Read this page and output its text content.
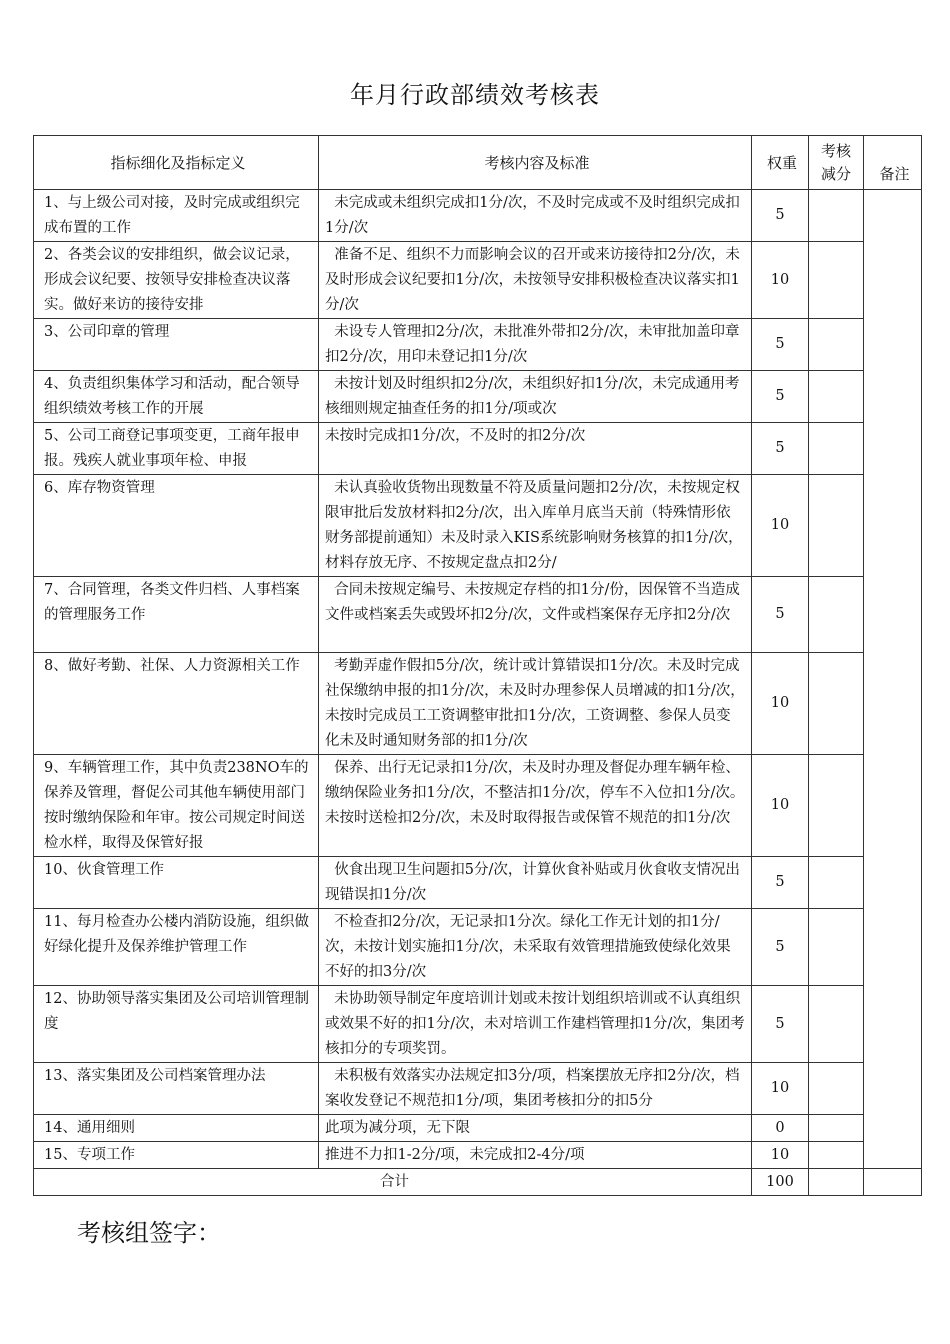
年月行政部绩效考核表
指标细化及指标定义	考核内容及标准	权重	考核减分	备注
1、与上级公司对接，及时完成或组织完成布置的工作	未完成或未组织完成扣1分/次，不及时完成或不及时组织完成扣1分/次	5		
2、各类会议的安排组织，做会议记录，形成会议纪要、按领导安排检查决议落实。做好来访的接待安排	准备不足、组织不力而影响会议的召开或来访接待扣2分/次，未及时形成会议纪要扣1分/次，未按领导安排积极检查决议落实扣1分/次	10		
3、公司印章的管理	未设专人管理扣2分/次，未批准外带扣2分/次，未审批加盖印章扣2分/次，用印未登记扣1分/次	5		
4、负责组织集体学习和活动，配合领导组织绩效考核工作的开展	未按计划及时组织扣2分/次，未组织好扣1分/次，未完成通用考核细则规定抽查任务的扣1分/项或次	5		
5、公司工商登记事项变更，工商年报申报。残疾人就业事项年检、申报	未按时完成扣1分/次，不及时的扣2分/次	5		
6、库存物资管理	未认真验收货物出现数量不符及质量问题扣2分/次，未按规定权限审批后发放材料扣2分/次，出入库单月底当天前（特殊情形依财务部提前通知）未及时录入KIS系统影响财务核算的扣1分/次，材料存放无序、不按规定盘点扣2分/	10		
7、合同管理，各类文件归档、人事档案的管理服务工作	合同未按规定编号、未按规定存档的扣1分/份，因保管不当造成文件或档案丢失或毁坏扣2分/次，文件或档案保存无序扣2分/次	5		
8、做好考勤、社保、人力资源相关工作	考勤弄虚作假扣5分/次，统计或计算错误扣1分/次。未及时完成社保缴纳申报的扣1分/次，未及时办理参保人员增减的扣1分/次，未按时完成员工工资调整审批扣1分/次，工资调整、参保人员变化未及时通知财务部的扣1分/次	10		
9、车辆管理工作，其中负责238NO车的保养及管理，督促公司其他车辆使用部门按时缴纳保险和年审。按公司规定时间送检水样，取得及保管好报	保养、出行无记录扣1分/次，未及时办理及督促办理车辆年检、缴纳保险业务扣1分/次，不整洁扣1分/次，停车不入位扣1分/次。未按时送检扣2分/次，未及时取得报告或保管不规范的扣1分/次	10		
10、伙食管理工作	伙食出现卫生问题扣5分/次，计算伙食补贴或月伙食收支情况出现错误扣1分/次	5		
11、每月检查办公楼内消防设施，组织做好绿化提升及保养维护管理工作	不检查扣2分/次，无记录扣1分次。绿化工作无计划的扣1分/次，未按计划实施扣1分/次，未采取有效管理措施致使绿化效果不好的扣3分/次	5		
12、协助领导落实集团及公司培训管理制度	未协助领导制定年度培训计划或未按计划组织培训或不认真组织或效果不好的扣1分/次，未对培训工作建档管理扣1分/次，集团考核扣分的专项奖罚。	5		
13、落实集团及公司档案管理办法	未积极有效落实办法规定扣3分/项，档案摆放无序扣2分/次，档案收发登记不规范扣1分/项，集团考核扣分的扣5分	10		
14、通用细则	此项为减分项，无下限	0		
15、专项工作	推进不力扣1-2分/项，未完成扣2-4分/项	10		
合计		100		
考核组签字：
